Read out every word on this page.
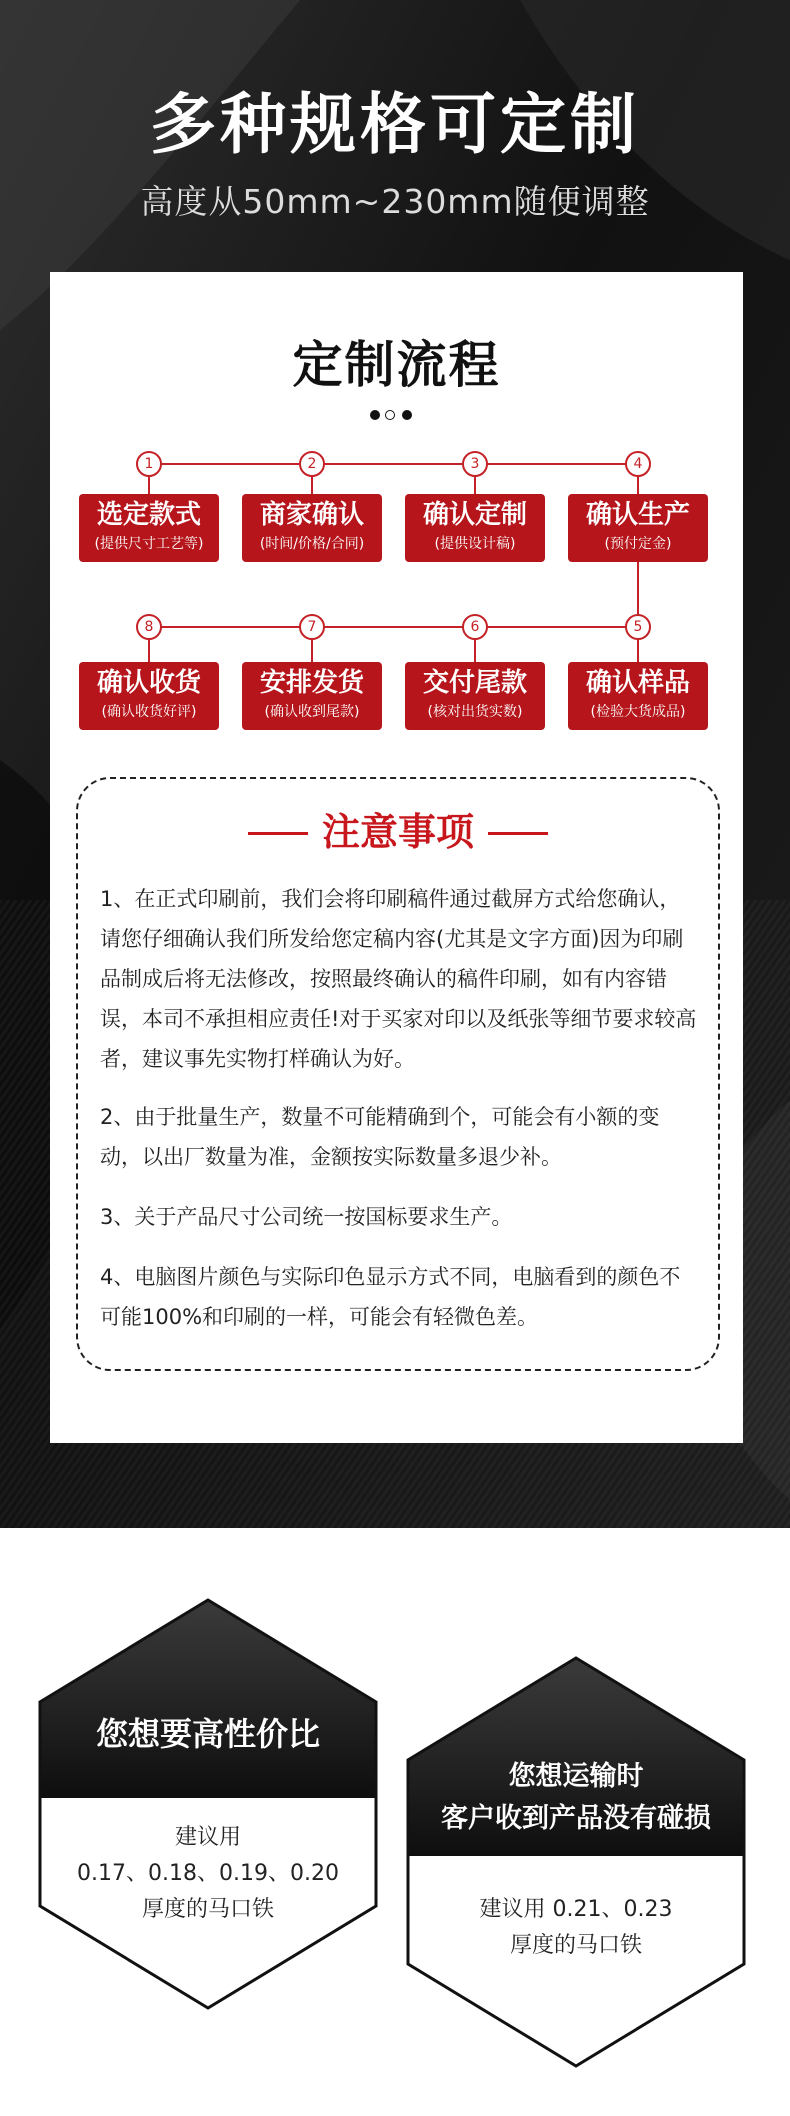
多种规格可定制
高度从50mm~230mm随便调整
定制流程
1	2	3	4
选定款式
(提供尺寸工艺等)
商家确认
(时间/价格/合同)
确认定制
(提供设计稿)
确认生产
(预付定金)
8	7	6	5
确认收货
(确认收货好评)
安排发货
(确认收到尾款)
交付尾款
(核对出货实数)
确认样品
(检验大货成品)
注意事项
1、在正式印刷前，我们会将印刷稿件通过截屏方式给您确认，请您仔细确认我们所发给您定稿内容(尤其是文字方面)因为印刷品制成后将无法修改，按照最终确认的稿件印刷，如有内容错误，本司不承担相应责任!对于买家对印以及纸张等细节要求较高者，建议事先实物打样确认为好。
2、由于批量生产，数量不可能精确到个，可能会有小额的变动，以出厂数量为准，金额按实际数量多退少补。
3、关于产品尺寸公司统一按国标要求生产。
4、电脑图片颜色与实际印色显示方式不同，电脑看到的颜色不可能100%和印刷的一样，可能会有轻微色差。
您想要高性价比
建议用
0.17、0.18、0.19、0.20
厚度的马口铁
您想运输时
客户收到产品没有碰损
建议用 0.21、0.23
厚度的马口铁
